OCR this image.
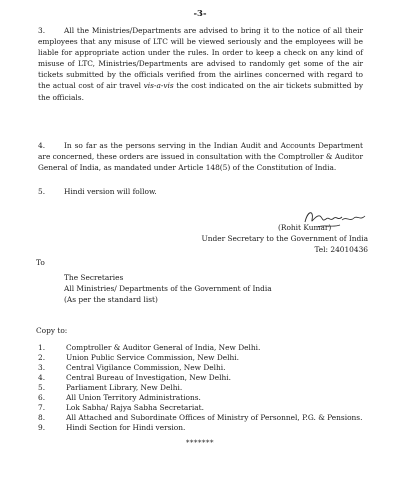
-3-

3.	All the Ministries/Departments are advised to bring it to the notice of all their employees that any misuse of LTC will be viewed seriously and the employees will be liable for appropriate action under the rules. In order to keep a check on any kind of misuse of LTC, Ministries/Departments are advised to randomly get some of the air tickets submitted by the officials verified from the airlines concerned with regard to the actual cost of air travel vis-a-vis the cost indicated on the air tickets submitted by the officials.

4.	In so far as the persons serving in the Indian Audit and Accounts Department are concerned, these orders are issued in consultation with the Comptroller & Auditor General of India, as mandated under Article 148(5) of the Constitution of India.

5.	Hindi version will follow.

(Rohit Kumar)
Under Secretary to the Government of India
Tel: 24010436
To
The Secretaries
All Ministries/ Departments of the Government of India
(As per the standard list)
Copy to:
1.	Comptroller & Auditor General of India, New Delhi.
2.	Union Public Service Commission, New Delhi.
3.	Central Vigilance Commission, New Delhi.
4.	Central Bureau of Investigation, New Delhi.
5.	Parliament Library, New Delhi.
6.	All Union Territory Administrations.
7.	Lok Sabha/ Rajya Sabha Secretariat.
8.	All Attached and Subordinate Offices of Ministry of Personnel, P.G. & Pensions.
9.	Hindi Section for Hindi version.
*******
